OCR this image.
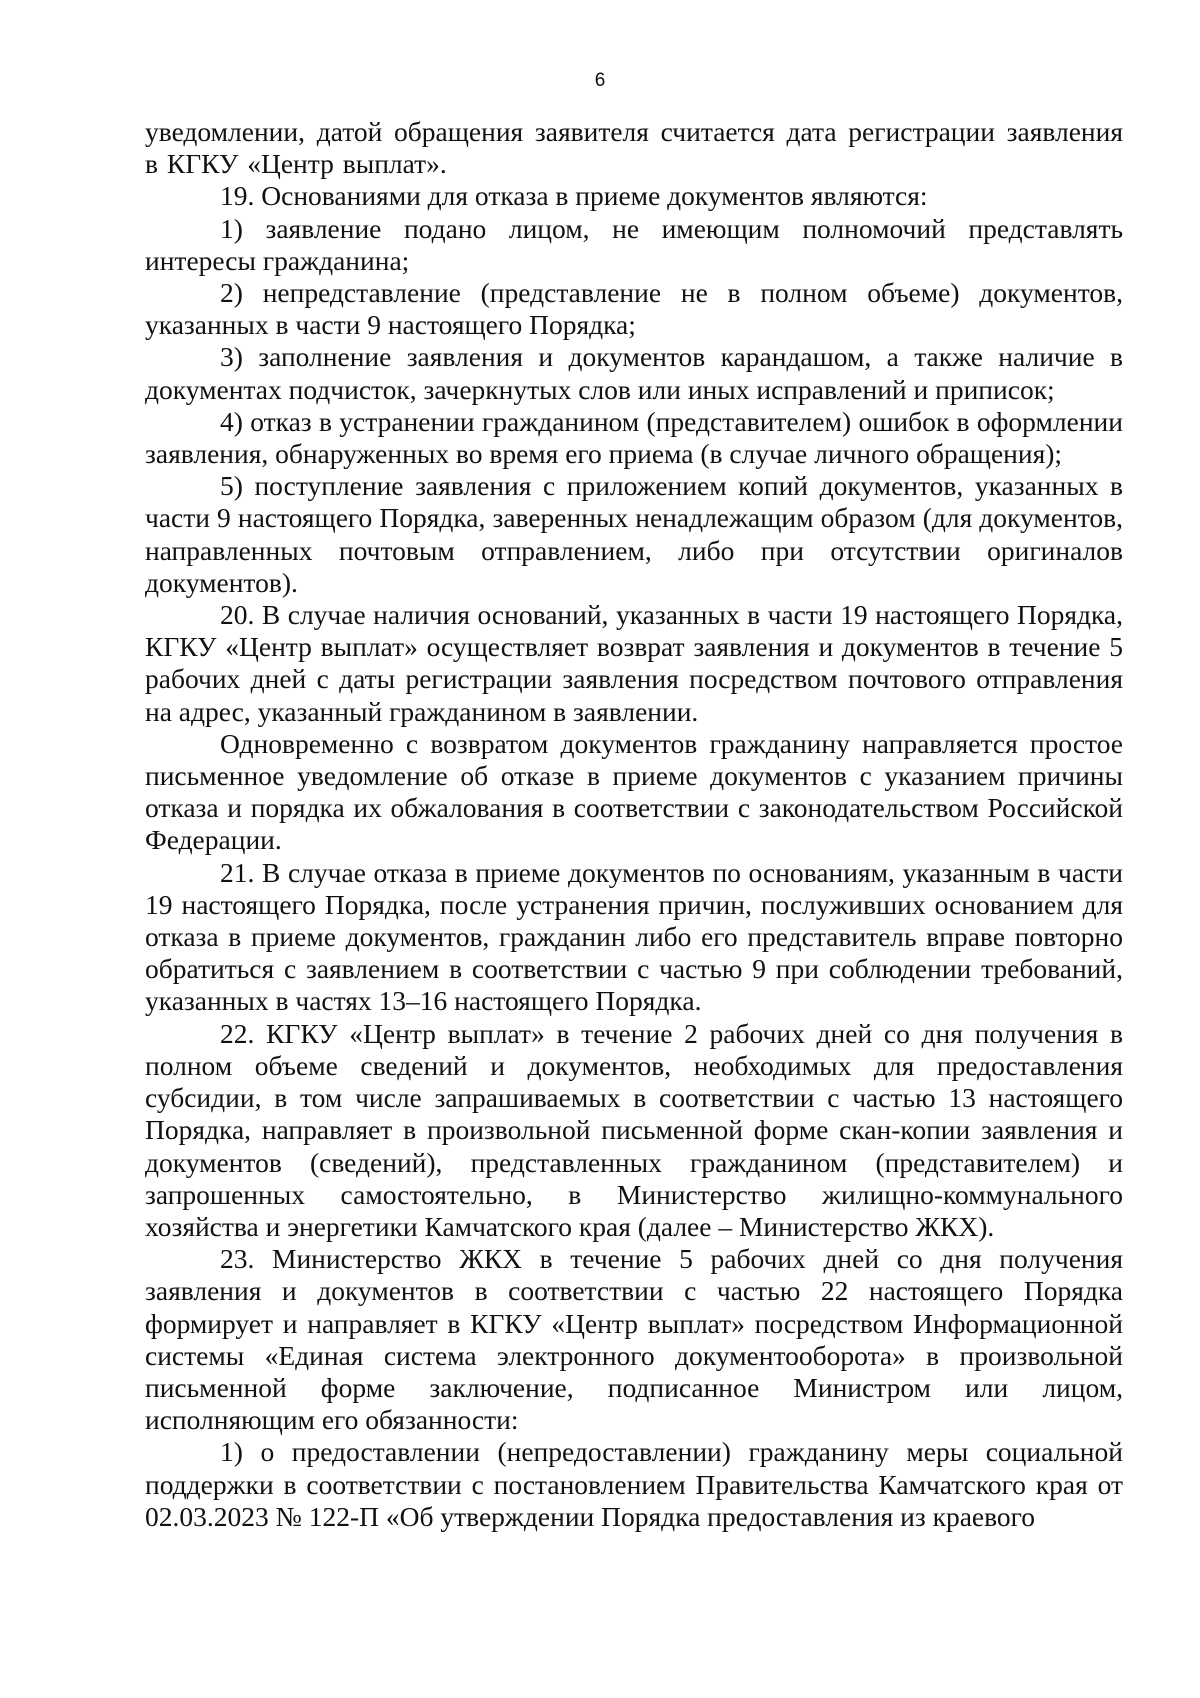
6

уведомлении, датой обращения заявителя считается дата регистрации заявления в КГКУ «Центр выплат».

19. Основаниями для отказа в приеме документов являются:

1) заявление подано лицом, не имеющим полномочий представлять интересы гражданина;

2) непредставление (представление не в полном объеме) документов, указанных в части 9 настоящего Порядка;

3) заполнение заявления и документов карандашом, а также наличие в документах подчисток, зачеркнутых слов или иных исправлений и приписок;

4) отказ в устранении гражданином (представителем) ошибок в оформлении заявления, обнаруженных во время его приема (в случае личного обращения);

5) поступление заявления с приложением копий документов, указанных в части 9 настоящего Порядка, заверенных ненадлежащим образом (для документов, направленных почтовым отправлением, либо при отсутствии оригиналов документов).

20. В случае наличия оснований, указанных в части 19 настоящего Порядка, КГКУ «Центр выплат» осуществляет возврат заявления и документов в течение 5 рабочих дней с даты регистрации заявления посредством почтового отправления на адрес, указанный гражданином в заявлении.

Одновременно с возвратом документов гражданину направляется простое письменное уведомление об отказе в приеме документов с указанием причины отказа и порядка их обжалования в соответствии с законодательством Российской Федерации.

21. В случае отказа в приеме документов по основаниям, указанным в части 19 настоящего Порядка, после устранения причин, послуживших основанием для отказа в приеме документов, гражданин либо его представитель вправе повторно обратиться с заявлением в соответствии с частью 9 при соблюдении требований, указанных в частях 13–16 настоящего Порядка.

22. КГКУ «Центр выплат» в течение 2 рабочих дней со дня получения в полном объеме сведений и документов, необходимых для предоставления субсидии, в том числе запрашиваемых в соответствии с частью 13 настоящего Порядка, направляет в произвольной письменной форме скан-копии заявления и документов (сведений), представленных гражданином (представителем) и запрошенных самостоятельно, в Министерство жилищно-коммунального хозяйства и энергетики Камчатского края (далее – Министерство ЖКХ).

23. Министерство ЖКХ в течение 5 рабочих дней со дня получения заявления и документов в соответствии с частью 22 настоящего Порядка формирует и направляет в КГКУ «Центр выплат» посредством Информационной системы «Единая система электронного документооборота» в произвольной письменной форме заключение, подписанное Министром или лицом, исполняющим его обязанности:

1) о предоставлении (непредоставлении) гражданину меры социальной поддержки в соответствии с постановлением Правительства Камчатского края от 02.03.2023 № 122-П «Об утверждении Порядка предоставления из краевого
